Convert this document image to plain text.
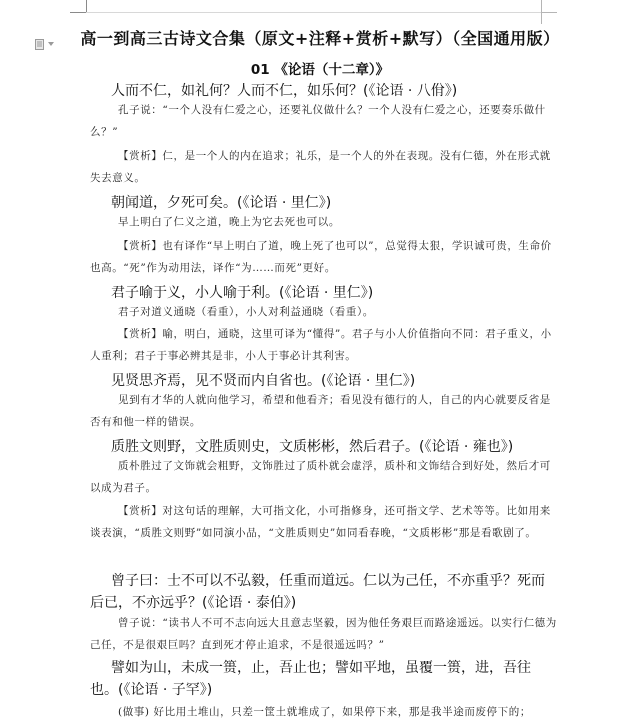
高一到高三古诗文合集（原文+注释+赏析+默写）（全国通用版）
01 《论语（十二章）》
人而不仁，如礼何？人而不仁，如乐何？(《论语 · 八佾》)

孔子说：“一个人没有仁爱之心，还要礼仪做什么？一个人没有仁爱之心，还要奏乐做什么？”

【赏析】仁，是一个人的内在追求；礼乐，是一个人的外在表现。没有仁德，外在形式就失去意义。

朝闻道，夕死可矣。(《论语 · 里仁》)

早上明白了仁义之道，晚上为它去死也可以。

【赏析】也有译作“早上明白了道，晚上死了也可以”，总觉得太狠，学识诚可贵，生命价也高。“死”作为动用法，译作“为……而死”更好。

君子喻于义，小人喻于利。(《论语 · 里仁》)

君子对道义通晓（看重），小人对利益通晓（看重）。

【赏析】喻，明白，通晓，这里可译为“懂得”。君子与小人价值指向不同：君子重义，小人重利；君子于事必辨其是非，小人于事必计其利害。

见贤思齐焉，见不贤而内自省也。(《论语 · 里仁》)

见到有才华的人就向他学习，希望和他看齐；看见没有德行的人，自己的内心就要反省是否有和他一样的错误。

质胜文则野，文胜质则史，文质彬彬，然后君子。(《论语 · 雍也》)

质朴胜过了文饰就会粗野，文饰胜过了质朴就会虚浮，质朴和文饰结合到好处，然后才可以成为君子。

【赏析】对这句话的理解，大可指文化，小可指修身，还可指文学、艺术等等。比如用来谈表演，“质胜文则野”如同演小品，“文胜质则史”如同看春晚，“文质彬彬”那是看歌剧了。

曾子曰：士不可以不弘毅，任重而道远。仁以为己任，不亦重乎？死而后已，不亦远乎？(《论语 · 泰伯》)

曾子说：“读书人不可不志向远大且意志坚毅，因为他任务艰巨而路途遥远。以实行仁德为己任，不是很艰巨吗？直到死才停止追求，不是很遥远吗？”

譬如为山，未成一篑，止，吾止也；譬如平地，虽覆一篑，进，吾往也。(《论语 · 子罕》)

(做事) 好比用土堆山，只差一筐土就堆成了，如果停下来，那是我半途而废停下的；
